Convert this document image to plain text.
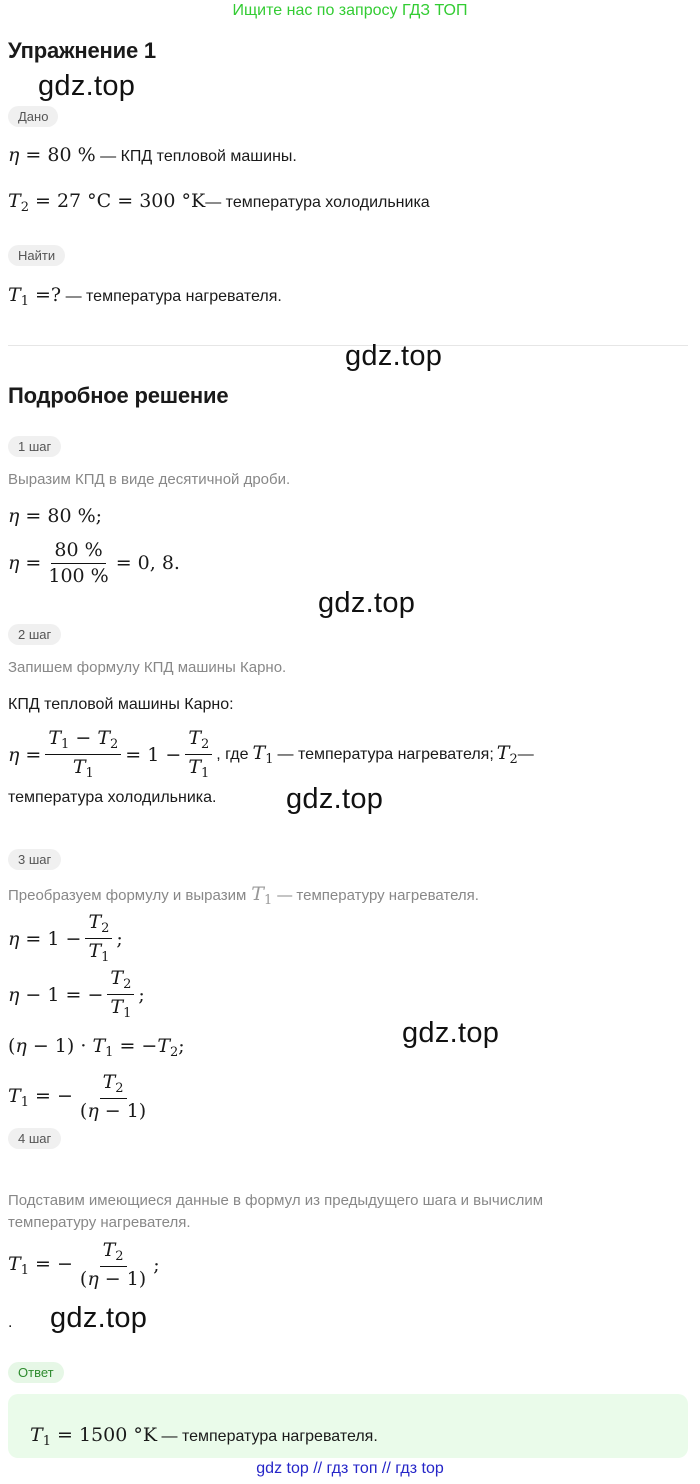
Ищите нас по запросу ГДЗ ТОП
Упражнение 1
gdz.top
Дано
η = 80 % — КПД тепловой машины.
$T_2 = 27$ °C = 300 °K— температура холодильника
Найти
$T_1$ =? — температура нагревателя.
gdz.top
Подробное решение
1 шаг
Выразим КПД в виде десятичной дроби.
η = 80 %;
$\eta = \frac{80 \%}{100 \%} = 0$, 8.
gdz.top
2 шаг
Запишем формулу КПД машины Карно.
КПД тепловой машины Карно:
$\eta = \frac{T_1 - T_2}{T_1} = 1 - \frac{T_2}{T_1}$ , где $T_1$ — температура нагревателя; $T_2$ —
температура холодильника. gdz.top
3 шаг
Преобразуем формулу и выразим $T_1$ — температуру нагревателя.
$\eta = 1 - \frac{T_2}{T_1}$ ;
η − 1 = − $\frac{T_2}{T_1}$ ;
$(\eta - 1) \cdot T_1 = -T_2$;	gdz.top
$T_1$ = − $\frac{T_2}{(\eta - 1)}$
4 шаг
Подставим имеющиеся данные в формул из предыдущего шага и вычислим температуру нагревателя.
$T_1$ = − $\frac{T_2}{(\eta - 1)}$ ;
. gdz.top
Ответ
$T_1 = 1500$ °K — температура нагревателя.
gdz top // гдз топ // гдз top
